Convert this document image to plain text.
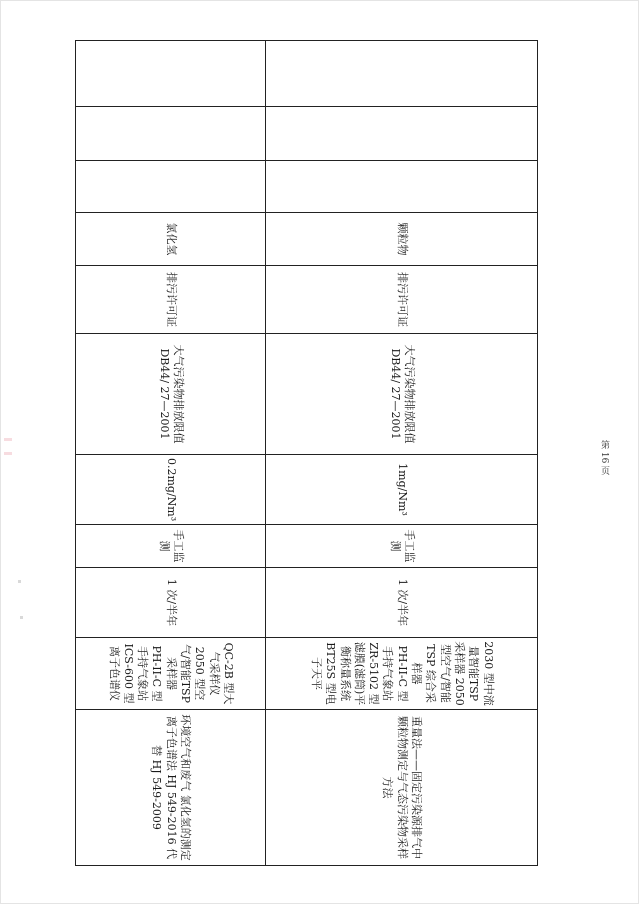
			颗粒物	排污许可证	大气污染物排放限值 DB44/ 27—2001	1mg/Nm³	手工监测	1 次/半年	2030 型中流量智能TSP 采样器 2050 型空气/智能TSP 综合采样器
PH-II-C 型手持气象站
ZR-5102 型滤膜(滤筒)平衡称量系统
BT25S 型电子天平	重量法——固定污染源排气中颗粒物测定与气态污染物采样方法
			氯化氢	排污许可证	大气污染物排放限值 DB44/ 27—2001	0.2mg/Nm³	手工监测	1 次/半年	QC-2B 型大气采样仪
2050 型空气/智能TSP 采样器
PH-II-C 型手持气象站
ICS-600 型离子色谱仪	环境空气和废气 氯化氢的测定 离子色谱法 HJ 549-2016 代替 HJ 549-2009
第 16 页
